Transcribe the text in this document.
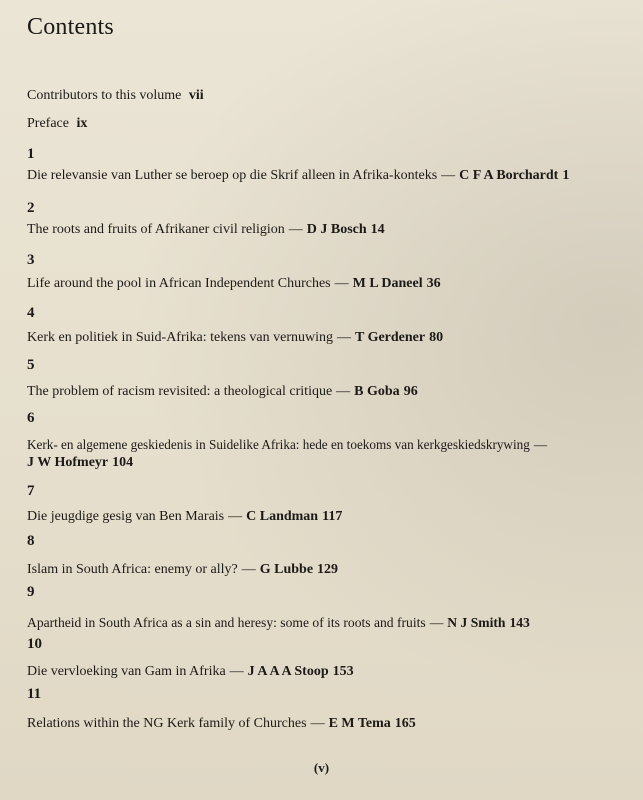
Contents
Contributors to this volume vii
Preface ix
1
Die relevansie van Luther se beroep op die Skrif alleen in Afrika-konteks — C F A Borchardt 1
2
The roots and fruits of Afrikaner civil religion — D J Bosch 14
3
Life around the pool in African Independent Churches — M L Daneel 36
4
Kerk en politiek in Suid-Afrika: tekens van vernuwing — T Gerdener 80
5
The problem of racism revisited: a theological critique — B Goba 96
6
Kerk- en algemene geskiedenis in Suidelike Afrika: hede en toekoms van kerkgeskiedskrywing —
J W Hofmeyr 104
7
Die jeugdige gesig van Ben Marais — C Landman 117
8
Islam in South Africa: enemy or ally? — G Lubbe 129
9
Apartheid in South Africa as a sin and heresy: some of its roots and fruits — N J Smith 143
10
Die vervloeking van Gam in Afrika — J A A A Stoop 153
11
Relations within the NG Kerk family of Churches — E M Tema 165
(v)
